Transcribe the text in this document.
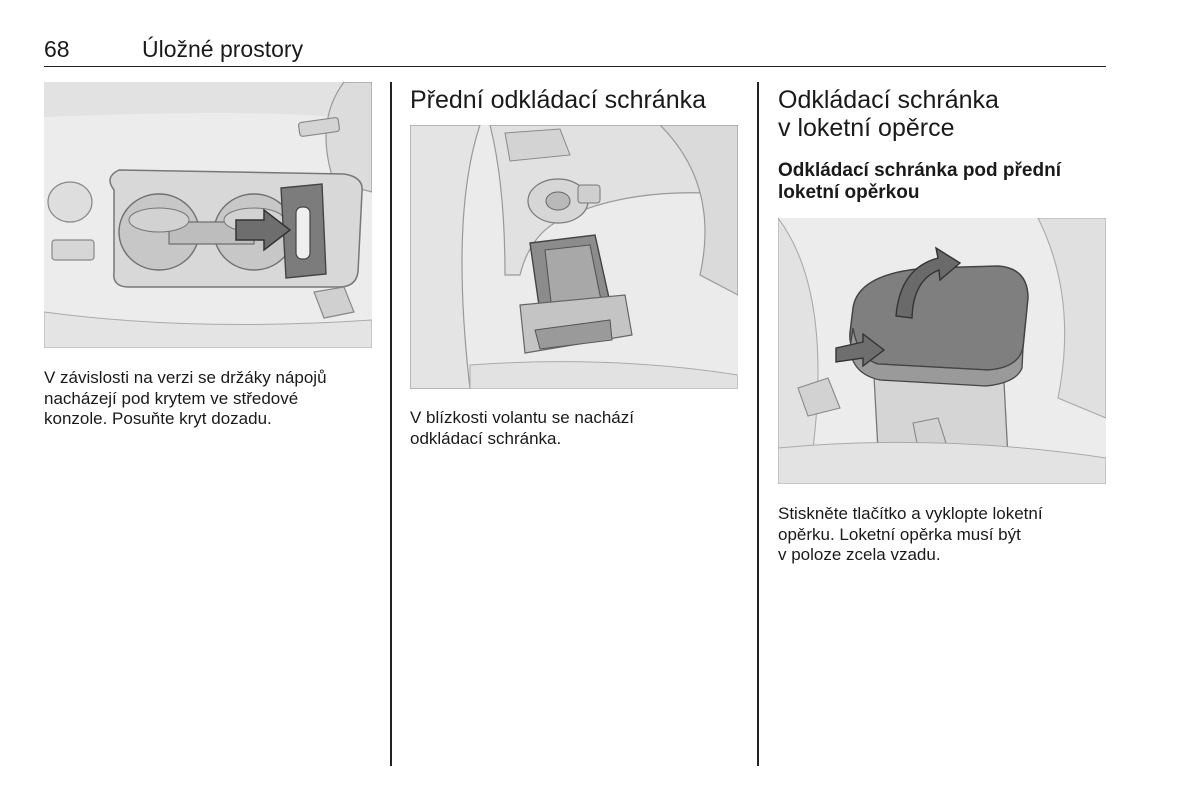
68	Úložné prostory
V závislosti na verzi se držáky nápojů
nacházejí pod krytem ve středové
konzole. Posuňte kryt dozadu.
Přední odkládací schránka
V blízkosti volantu se nachází
odkládací schránka.
Odkládací schránka
v loketní opěrce
Odkládací schránka pod přední
loketní opěrkou
Stiskněte tlačítko a vyklopte loketní
opěrku. Loketní opěrka musí být
v poloze zcela vzadu.
